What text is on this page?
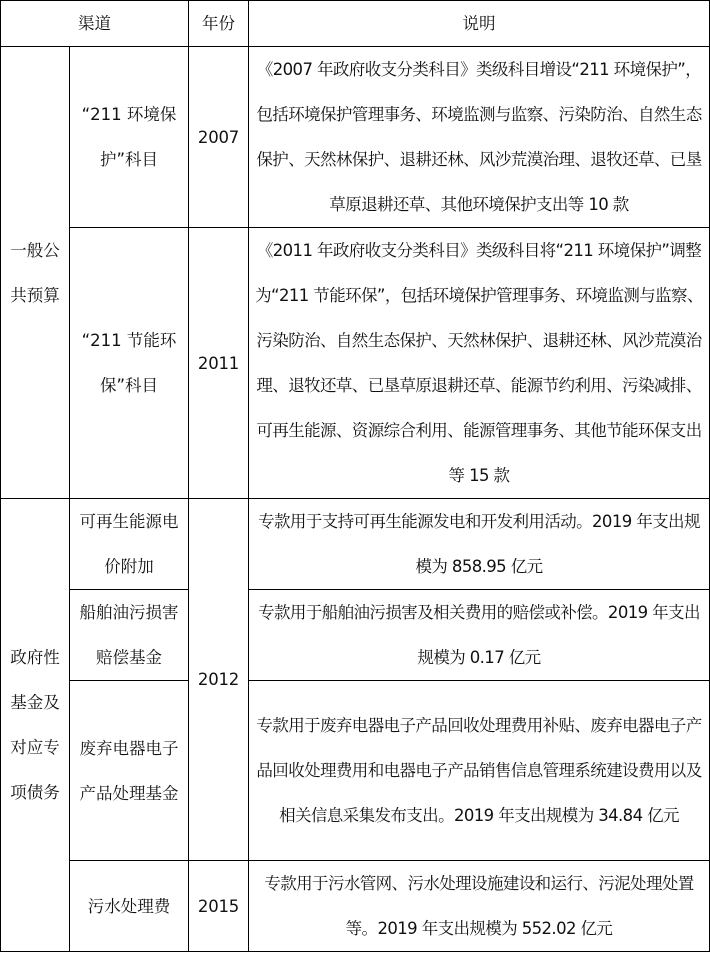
渠道		年份	说明
一般公共预算	“211 环境保护”科目	2007	《2007 年政府收支分类科目》类级科目增设“211 环境保护”，包括环境保护管理事务、环境监测与监察、污染防治、自然生态保护、天然林保护、退耕还林、风沙荒漠治理、退牧还草、已垦草原退耕还草、其他环境保护支出等 10 款
	“211 节能环保”科目	2011	《2011 年政府收支分类科目》类级科目将“211 环境保护”调整为“211 节能环保”，包括环境保护管理事务、环境监测与监察、污染防治、自然生态保护、天然林保护、退耕还林、风沙荒漠治理、退牧还草、已垦草原退耕还草、能源节约利用、污染减排、可再生能源、资源综合利用、能源管理事务、其他节能环保支出等 15 款
政府性基金及对应专项债务	可再生能源电价附加	2012	专款用于支持可再生能源发电和开发利用活动。2019 年支出规模为 858.95 亿元
	船舶油污损害赔偿基金		专款用于船舶油污损害及相关费用的赔偿或补偿。2019 年支出规模为 0.17 亿元
	废弃电器电子产品处理基金		专款用于废弃电器电子产品回收处理费用补贴、废弃电器电子产品回收处理费用和电器电子产品销售信息管理系统建设费用以及相关信息采集发布支出。2019 年支出规模为 34.84 亿元
	污水处理费	2015	专款用于污水管网、污水处理设施建设和运行、污泥处理处置等。2019 年支出规模为 552.02 亿元
